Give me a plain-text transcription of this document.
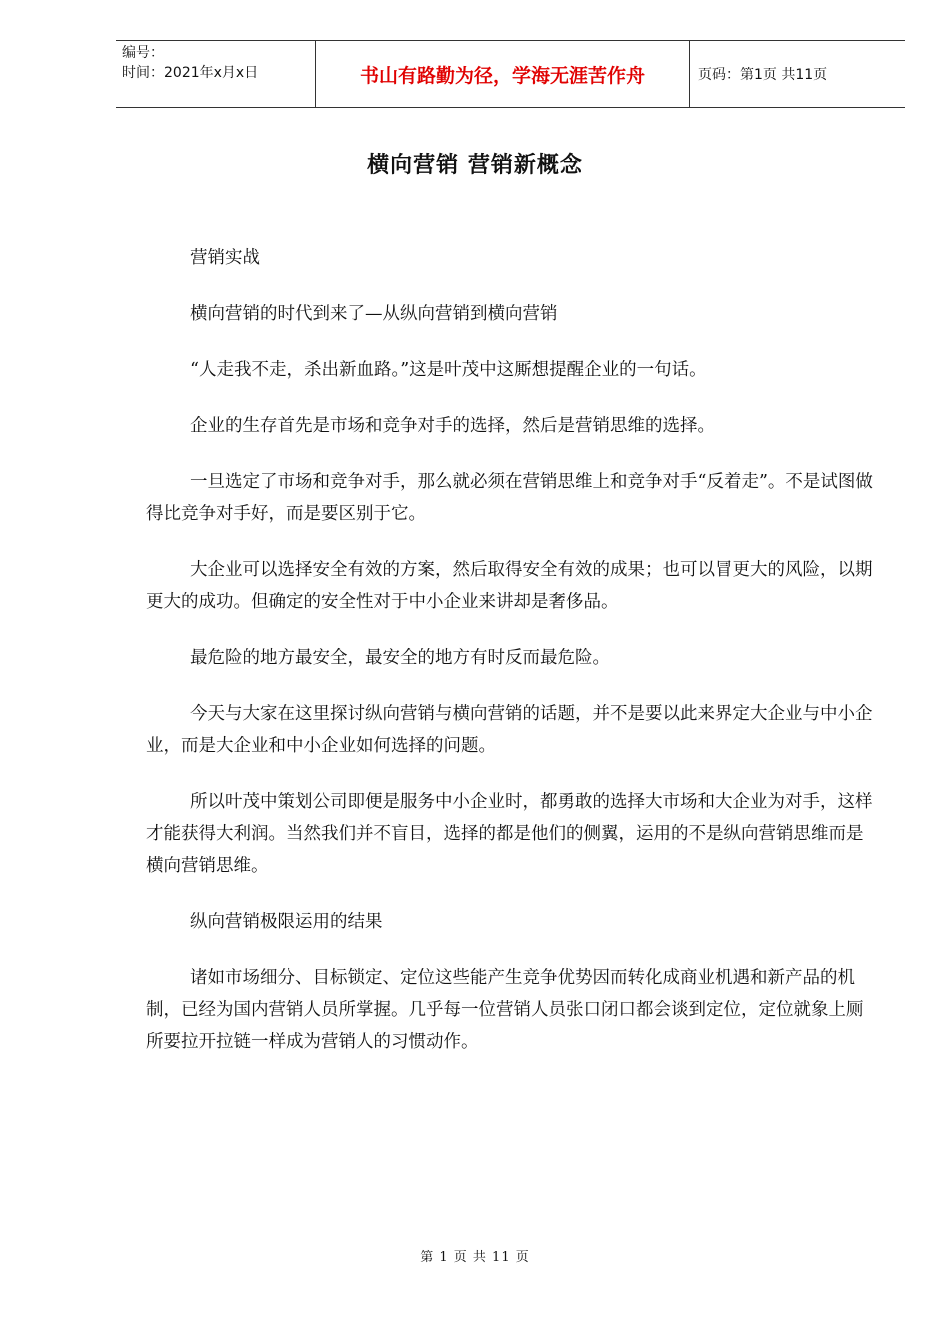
编号：
时间：2021年x月x日	书山有路勤为径，学海无涯苦作舟	页码：第1页 共11页
横向营销 营销新概念

营销实战

横向营销的时代到来了—从纵向营销到横向营销

“人走我不走，杀出新血路。”这是叶茂中这厮想提醒企业的一句话。

企业的生存首先是市场和竞争对手的选择，然后是营销思维的选择。

一旦选定了市场和竞争对手，那么就必须在营销思维上和竞争对手“反着走”。不是试图做得比竞争对手好，而是要区别于它。

大企业可以选择安全有效的方案，然后取得安全有效的成果；也可以冒更大的风险，以期更大的成功。但确定的安全性对于中小企业来讲却是奢侈品。

最危险的地方最安全，最安全的地方有时反而最危险。

今天与大家在这里探讨纵向营销与横向营销的话题，并不是要以此来界定大企业与中小企业，而是大企业和中小企业如何选择的问题。

所以叶茂中策划公司即便是服务中小企业时，都勇敢的选择大市场和大企业为对手，这样才能获得大利润。当然我们并不盲目，选择的都是他们的侧翼，运用的不是纵向营销思维而是横向营销思维。

纵向营销极限运用的结果

诸如市场细分、目标锁定、定位这些能产生竞争优势因而转化成商业机遇和新产品的机制，已经为国内营销人员所掌握。几乎每一位营销人员张口闭口都会谈到定位，定位就象上厕所要拉开拉链一样成为营销人的习惯动作。

第 1 页 共 11 页
